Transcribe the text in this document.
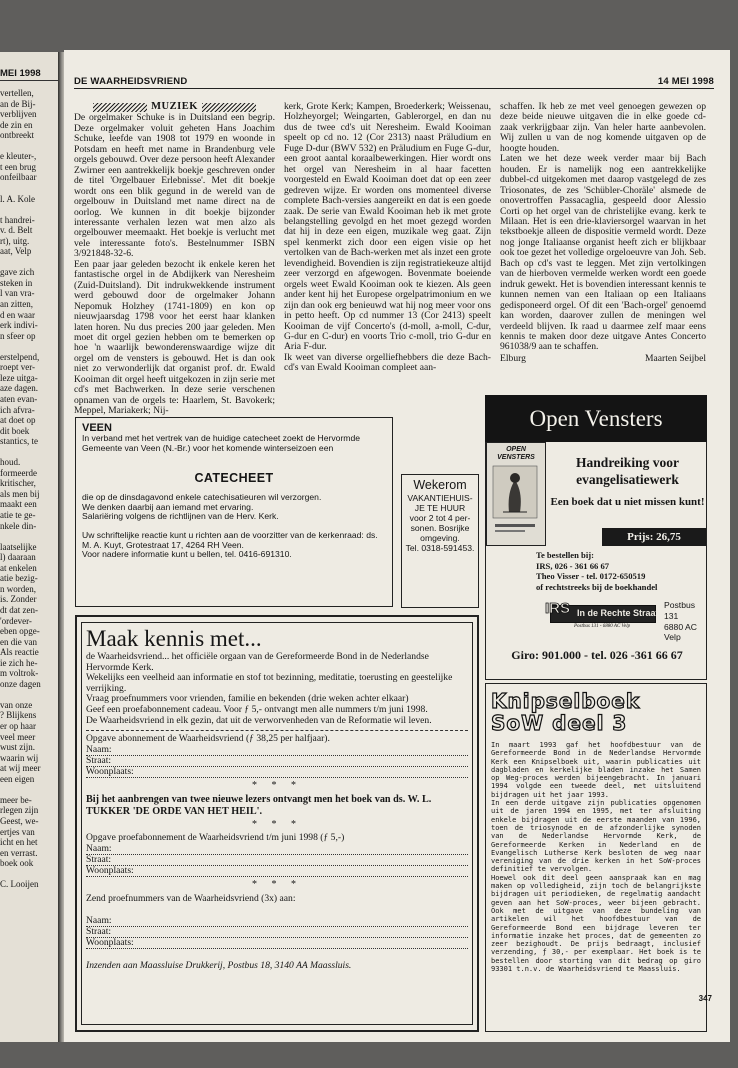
MEI 1998
vertellen,
an de Bij-
verblijven
de zin en
ontbreekt
e kleuter-,
t een brug
onfeilbaar
l. A. Kole
t handrei-
v. d. Belt
rt), uitg.
aat, Velp
gave zich
steken in
l van vra-
an zitten,
d en waar
erk indivi-
n sfeer op
erstelpend,
roept ver-
leze uitga-
aze dagen.
aten evan-
ich afvra-
at doet op
dit boek
stantics, te
houd.
formeerde
kritischer,
als men bij
maakt een
atie te ge-
nkele din-
laatselijke
l) daaraan
at enkelen
atie bezig-
n worden,
is. Zonder
dt dat zen-
'ordever-
eben opge-
en die van
Als reactie
ie zich he-
m voltrok-
onze dagen
van onze
? Blijkens
er op haar
veel meer
wust zijn.
waarin wij
at wij meer
een eigen
meer be-
rlegen zijn
Geest, we-
ertjes van
icht en het
en verrast.
boek ook
C. Looijen
DE WAARHEIDSVRIEND	14 MEI 1998
MUZIEK
De orgelmaker Schuke is in Duitsland een begrip. Deze orgelmaker voluit geheten Hans Joachim Schuke, leefde van 1908 tot 1979 en woonde in Potsdam en heeft met name in Brandenburg vele orgels gebouwd. Over deze persoon heeft Alexander Zwirner een aantrekkelijk boekje geschreven onder de titel 'Orgelbauer Erlebnisse'. Met dit boekje wordt ons een blik gegund in de wereld van de orgelbouw in Duitsland met name direct na de oorlog. We kunnen in dit boekje bijzonder interessante verhalen lezen wat men alzo als orgelbouwer meemaakt. Het boekje is verlucht met vele interessante foto's. Bestelnummer ISBN 3/921848-32-6.
Een paar jaar geleden bezocht ik enkele keren het fantastische orgel in de Abdijkerk van Neresheim (Zuid-Duitsland). Dit indrukwekkende instrument werd gebouwd door de orgelmaker Johann Nepomuk Holzhey (1741-1809) en kon op nieuwjaarsdag 1798 voor het eerst haar klanken laten horen. Nu dus precies 200 jaar geleden. Men moet dit orgel gezien hebben om te bemerken op hoe 'n waarlijk bewonderenswaardige wijze dit orgel om de vensters is gebouwd. Het is dan ook niet zo verwonderlijk dat organist prof. dr. Ewald Kooiman dit orgel heeft uitgekozen in zijn serie met cd's met Bachwerken. In deze serie verschenen opnamen van de orgels te: Haarlem, St. Bavokerk; Meppel, Mariakerk; Nij-
kerk, Grote Kerk; Kampen, Broederkerk; Weissenau, Holzheyorgel; Weingarten, Gablerorgel, en dan nu dus de twee cd's uit Neresheim. Ewald Kooiman speelt op cd no. 12 (Cor 2313) naast Präludium en Fuge D-dur (BWV 532) en Präludium en Fuge G-dur, een groot aantal koraalbewerkingen. Hier wordt ons het orgel van Neresheim in al haar facetten voorgesteld en Ewald Kooiman doet dat op een zeer gedreven wijze. Er worden ons momenteel diverse complete Bach-versies aangereikt en dat is een goede zaak. De serie van Ewald Kooiman heb ik met grote belangstelling gevolgd en het moet gezegd worden dat hij in deze een eigen, muzikale weg gaat. Zijn spel kenmerkt zich door een eigen visie op het vertolken van de Bach-werken met als inzet een grote levendigheid. Bovendien is zijn registratiekeuze altijd zeer verzorgd en afgewogen. Bovenmate boeiende orgels weet Ewald Kooiman ook te kiezen. Als geen ander kent hij het Europese orgelpatrimonium en we zijn dan ook erg benieuwd wat hij nog meer voor ons in petto heeft. Op cd nummer 13 (Cor 2413) speelt Kooiman de vijf Concerto's (d-moll, a-moll, C-dur, G-dur en C-dur) en voorts Trio c-moll, trio G-dur en Aria F-dur.
Ik weet van diverse orgelliefhebbers die deze Bach-cd's van Ewald Kooiman compleet aan-
schaffen. Ik heb ze met veel genoegen gewezen op deze beide nieuwe uitgaven die in elke goede cd-zaak verkrijgbaar zijn. Van heler harte aanbevolen. Wij zullen u van de nog komende uitgaven op de hoogte houden.
Laten we het deze week verder maar bij Bach houden. Er is namelijk nog een aantrekkelijke dubbel-cd uitgekomen met daarop vastgelegd de zes Triosonates, de zes 'Schübler-Choräle' alsmede de onovertroffen Passacaglia, gespeeld door Alessio Corti op het orgel van de christelijke evang. kerk te Milaan. Het is een drie-klaviersorgel waarvan in het tekstboekje alleen de dispositie vermeld wordt. Deze nog jonge Italiaanse organist heeft zich er blijkbaar ook toe gezet het volledige orgeloeuvre van Joh. Seb. Bach op cd's vast te leggen. Met zijn vertolkingen van de hierboven vermelde werken wordt een goede indruk gewekt. Het is bovendien interessant kennis te kunnen nemen van een Italiaan op een Italiaans gedisponeerd orgel. Of dit een 'Bach-orgel' genoemd kan worden, daarover zullen de meningen wel verdeeld blijven. Ik raad u daarmee zelf maar eens kennis te maken door deze uitgave Antes Concerto 961038/9 aan te schaffen.
Elburg	Maarten Seijbel
VEEN
In verband met het vertrek van de huidige catecheet zoekt de Hervormde Gemeente van Veen (N.-Br.) voor het komende winterseizoen een
CATECHEET
die op de dinsdagavond enkele catechisatieuren wil verzorgen.
We denken daarbij aan iemand met ervaring.
Salariëring volgens de richtlijnen van de Herv. Kerk.
Uw schriftelijke reactie kunt u richten aan de voorzitter van de kerkenraad: ds. M. A. Kuyt, Grotestraat 17, 4264 RH Veen.
Voor nadere informatie kunt u bellen, tel. 0416-691310.
Wekerom
VAKANTIEHUIS-
JE TE HUUR
voor 2 tot 4 per-
sonen. Bosrijke
omgeving.
Tel. 0318-591453.
Maak kennis met...
de Waarheidsvriend... het officiële orgaan van de Gereformeerde Bond in de Nederlandse Hervormde Kerk.
Wekelijks een veelheid aan informatie en stof tot bezinning, meditatie, toerusting en geestelijke verrijking.
Vraag proefnummers voor vrienden, familie en bekenden (drie weken achter elkaar)
Geef een proefabonnement cadeau. Voor ƒ 5,- ontvangt men alle nummers t/m juni 1998.
De Waarheidsvriend in elk gezin, dat uit de verworvenheden van de Reformatie wil leven.
Opgave abonnement de Waarheidsvriend (ƒ 38,25 per halfjaar).
Naam:
Straat:
Woonplaats:
* * *
Bij het aanbrengen van twee nieuwe lezers ontvangt men het boek van ds. W. L. TUKKER 'DE ORDE VAN HET HEIL'.
* * *
Opgave proefabonnement de Waarheidsvriend t/m juni 1998 (ƒ 5,-)
Naam:
Straat:
Woonplaats:
* * *
Zend proefnummers van de Waarheidsvriend (3x) aan:
Naam:
Straat:
Woonplaats:
Inzenden aan Maassluise Drukkerij, Postbus 18, 3140 AA Maassluis.
Open Vensters
OPEN VENSTERS	Handreiking voor evangelisatiewerk
Een boek dat u niet missen kunt!
Prijs: 26,75
Te bestellen bij:
IRS, 026 - 361 66 67
Theo Visser - tel. 0172-650519
of rechtstreeks bij de boekhandel
IRS In de Rechte Straat
Postbus 131 - 6880 AC Velp
Postbus
131
6880 AC
Velp
Giro: 901.000 - tel. 026 -361 66 67
Knipselboek
SoW deel 3
In maart 1993 gaf het hoofdbestuur van de Gereformeerde Bond in de Nederlandse Hervormde Kerk een Knipselboek uit, waarin publicaties uit dagbladen en kerkelijke bladen inzake het Samen op Weg-proces werden bijeengebracht. In januari 1994 volgde een tweede deel, met uitsluitend bijdragen uit het jaar 1993.
In een derde uitgave zijn publicaties opgenomen uit de jaren 1994 en 1995, met ter afsluiting enkele bijdragen uit de eerste maanden van 1996, toen de triosynode en de afzonderlijke synoden van de Nederlandse Hervormde Kerk, de Gereformeerde Kerken in Nederland en de Evangelisch Lutherse Kerk besloten de weg naar vereniging van de drie kerken in het SoW-proces definitief te vervolgen.
Hoewel ook dit deel geen aanspraak kan en mag maken op volledigheid, zijn toch de belangrijkste bijdragen uit periodieken, de regelmatig aandacht geven aan het SoW-proces, weer bijeen gebracht. Ook met de uitgave van deze bundeling van artikelen wil het hoofdbestuur van de Gereformeerde Bond een bijdrage leveren ter informatie inzake het proces, dat de gemeenten zo zeer bezighoudt. De prijs bedraagt, inclusief verzending, ƒ 30,- per exemplaar. Het boek is te bestellen door storting van dit bedrag op giro 93301 t.n.v. de Waarheidsvriend te Maassluis.
347
